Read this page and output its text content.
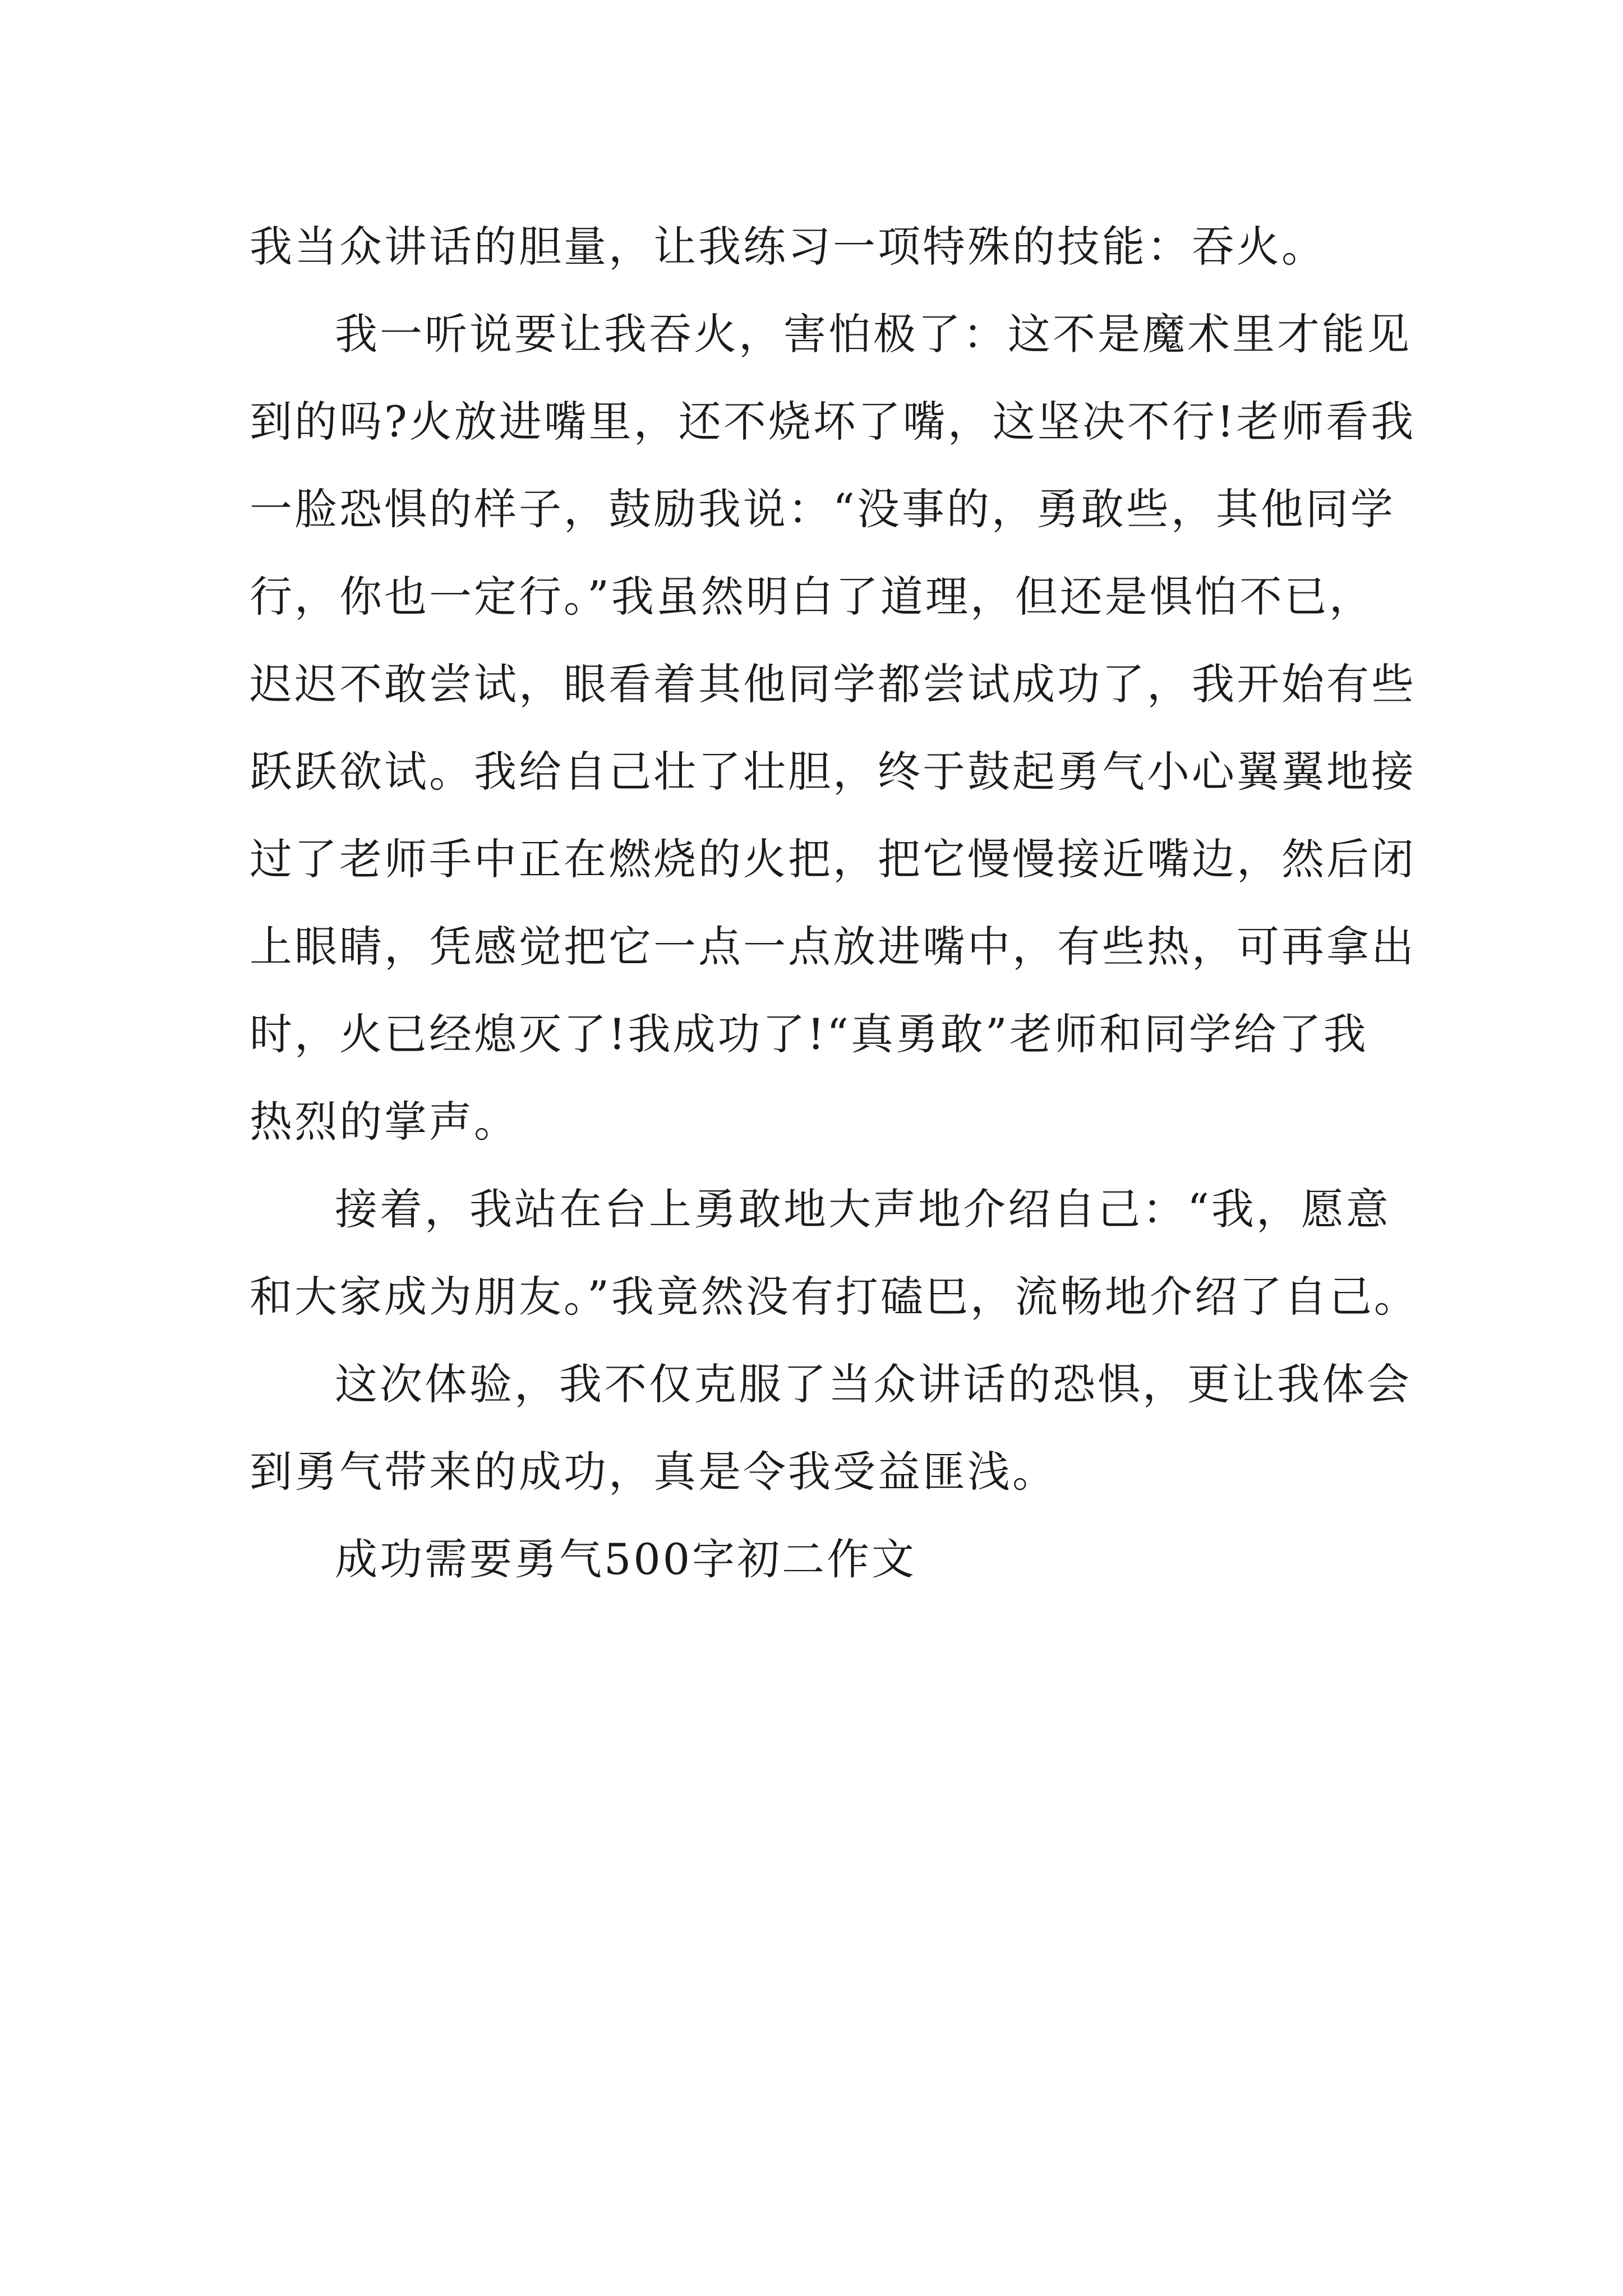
我当众讲话的胆量，让我练习一项特殊的技能：吞火。
我一听说要让我吞火，害怕极了：这不是魔术里才能见
到的吗?火放进嘴里，还不烧坏了嘴，这坚决不行!老师看我
一脸恐惧的样子，鼓励我说：“没事的，勇敢些，其他同学
行，你也一定行。”我虽然明白了道理，但还是惧怕不已，
迟迟不敢尝试，眼看着其他同学都尝试成功了，我开始有些
跃跃欲试。我给自己壮了壮胆，终于鼓起勇气小心翼翼地接
过了老师手中正在燃烧的火把，把它慢慢接近嘴边，然后闭
上眼睛，凭感觉把它一点一点放进嘴中，有些热，可再拿出
时，火已经熄灭了!我成功了!“真勇敢”老师和同学给了我
热烈的掌声。
接着，我站在台上勇敢地大声地介绍自己：“我，愿意
和大家成为朋友。”我竟然没有打磕巴，流畅地介绍了自己。
这次体验，我不仅克服了当众讲话的恐惧，更让我体会
到勇气带来的成功，真是令我受益匪浅。
成功需要勇气500字初二作文
